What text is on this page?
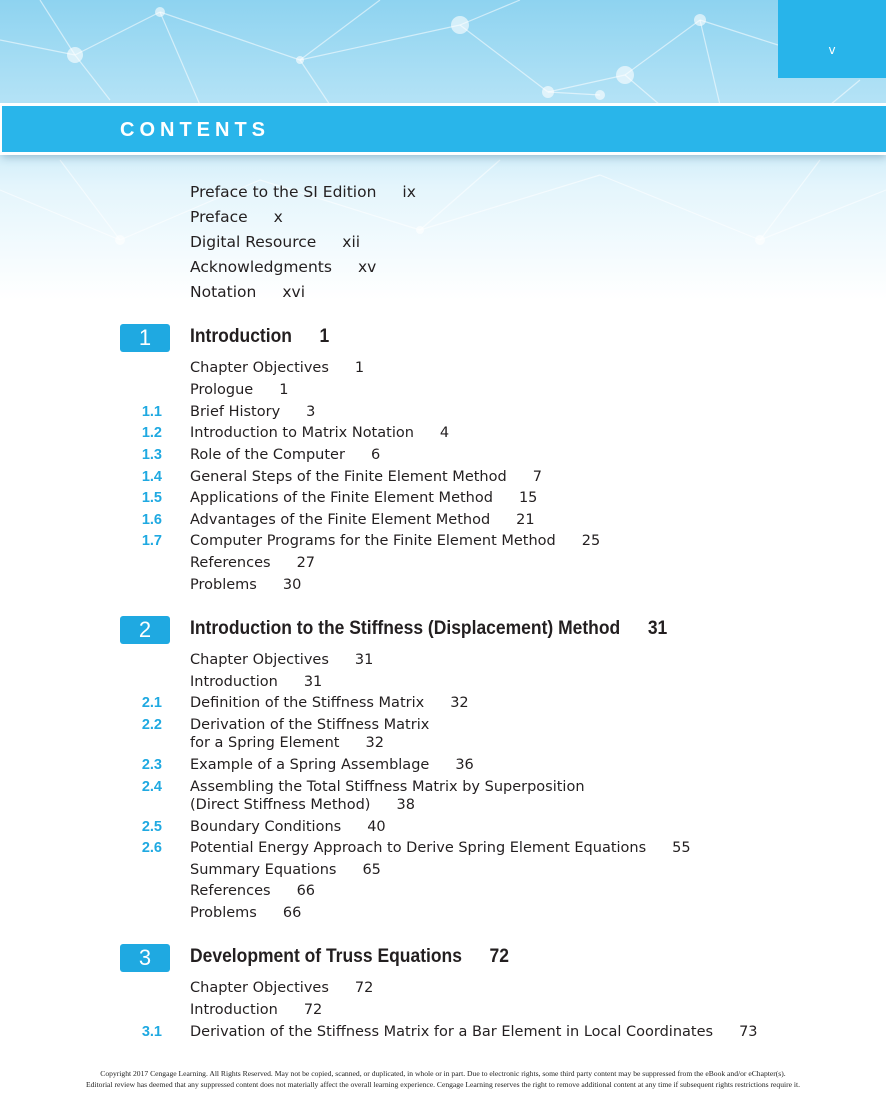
v
CONTENTS
Preface to the SI Edition ix
Preface x
Digital Resource xii
Acknowledgments xv
Notation xvi
1	Introduction 1
Chapter Objectives 1
Prologue 1
1.1 Brief History 3
1.2 Introduction to Matrix Notation 4
1.3 Role of the Computer 6
1.4 General Steps of the Finite Element Method 7
1.5 Applications of the Finite Element Method 15
1.6 Advantages of the Finite Element Method 21
1.7 Computer Programs for the Finite Element Method 25
References 27
Problems 30
2	Introduction to the Stiffness (Displacement) Method 31
Chapter Objectives 31
Introduction 31
2.1 Definition of the Stiffness Matrix 32
2.2 Derivation of the Stiffness Matrix
for a Spring Element 32
2.3 Example of a Spring Assemblage 36
2.4 Assembling the Total Stiffness Matrix by Superposition
(Direct Stiffness Method) 38
2.5 Boundary Conditions 40
2.6 Potential Energy Approach to Derive Spring Element Equations 55
Summary Equations 65
References 66
Problems 66
3	Development of Truss Equations 72
Chapter Objectives 72
Introduction 72
3.1 Derivation of the Stiffness Matrix for a Bar Element in Local Coordinates 73
Copyright 2017 Cengage Learning. All Rights Reserved. May not be copied, scanned, or duplicated, in whole or in part. Due to electronic rights, some third party content may be suppressed from the eBook and/or eChapter(s).
Editorial review has deemed that any suppressed content does not materially affect the overall learning experience. Cengage Learning reserves the right to remove additional content at any time if subsequent rights restrictions require it.
